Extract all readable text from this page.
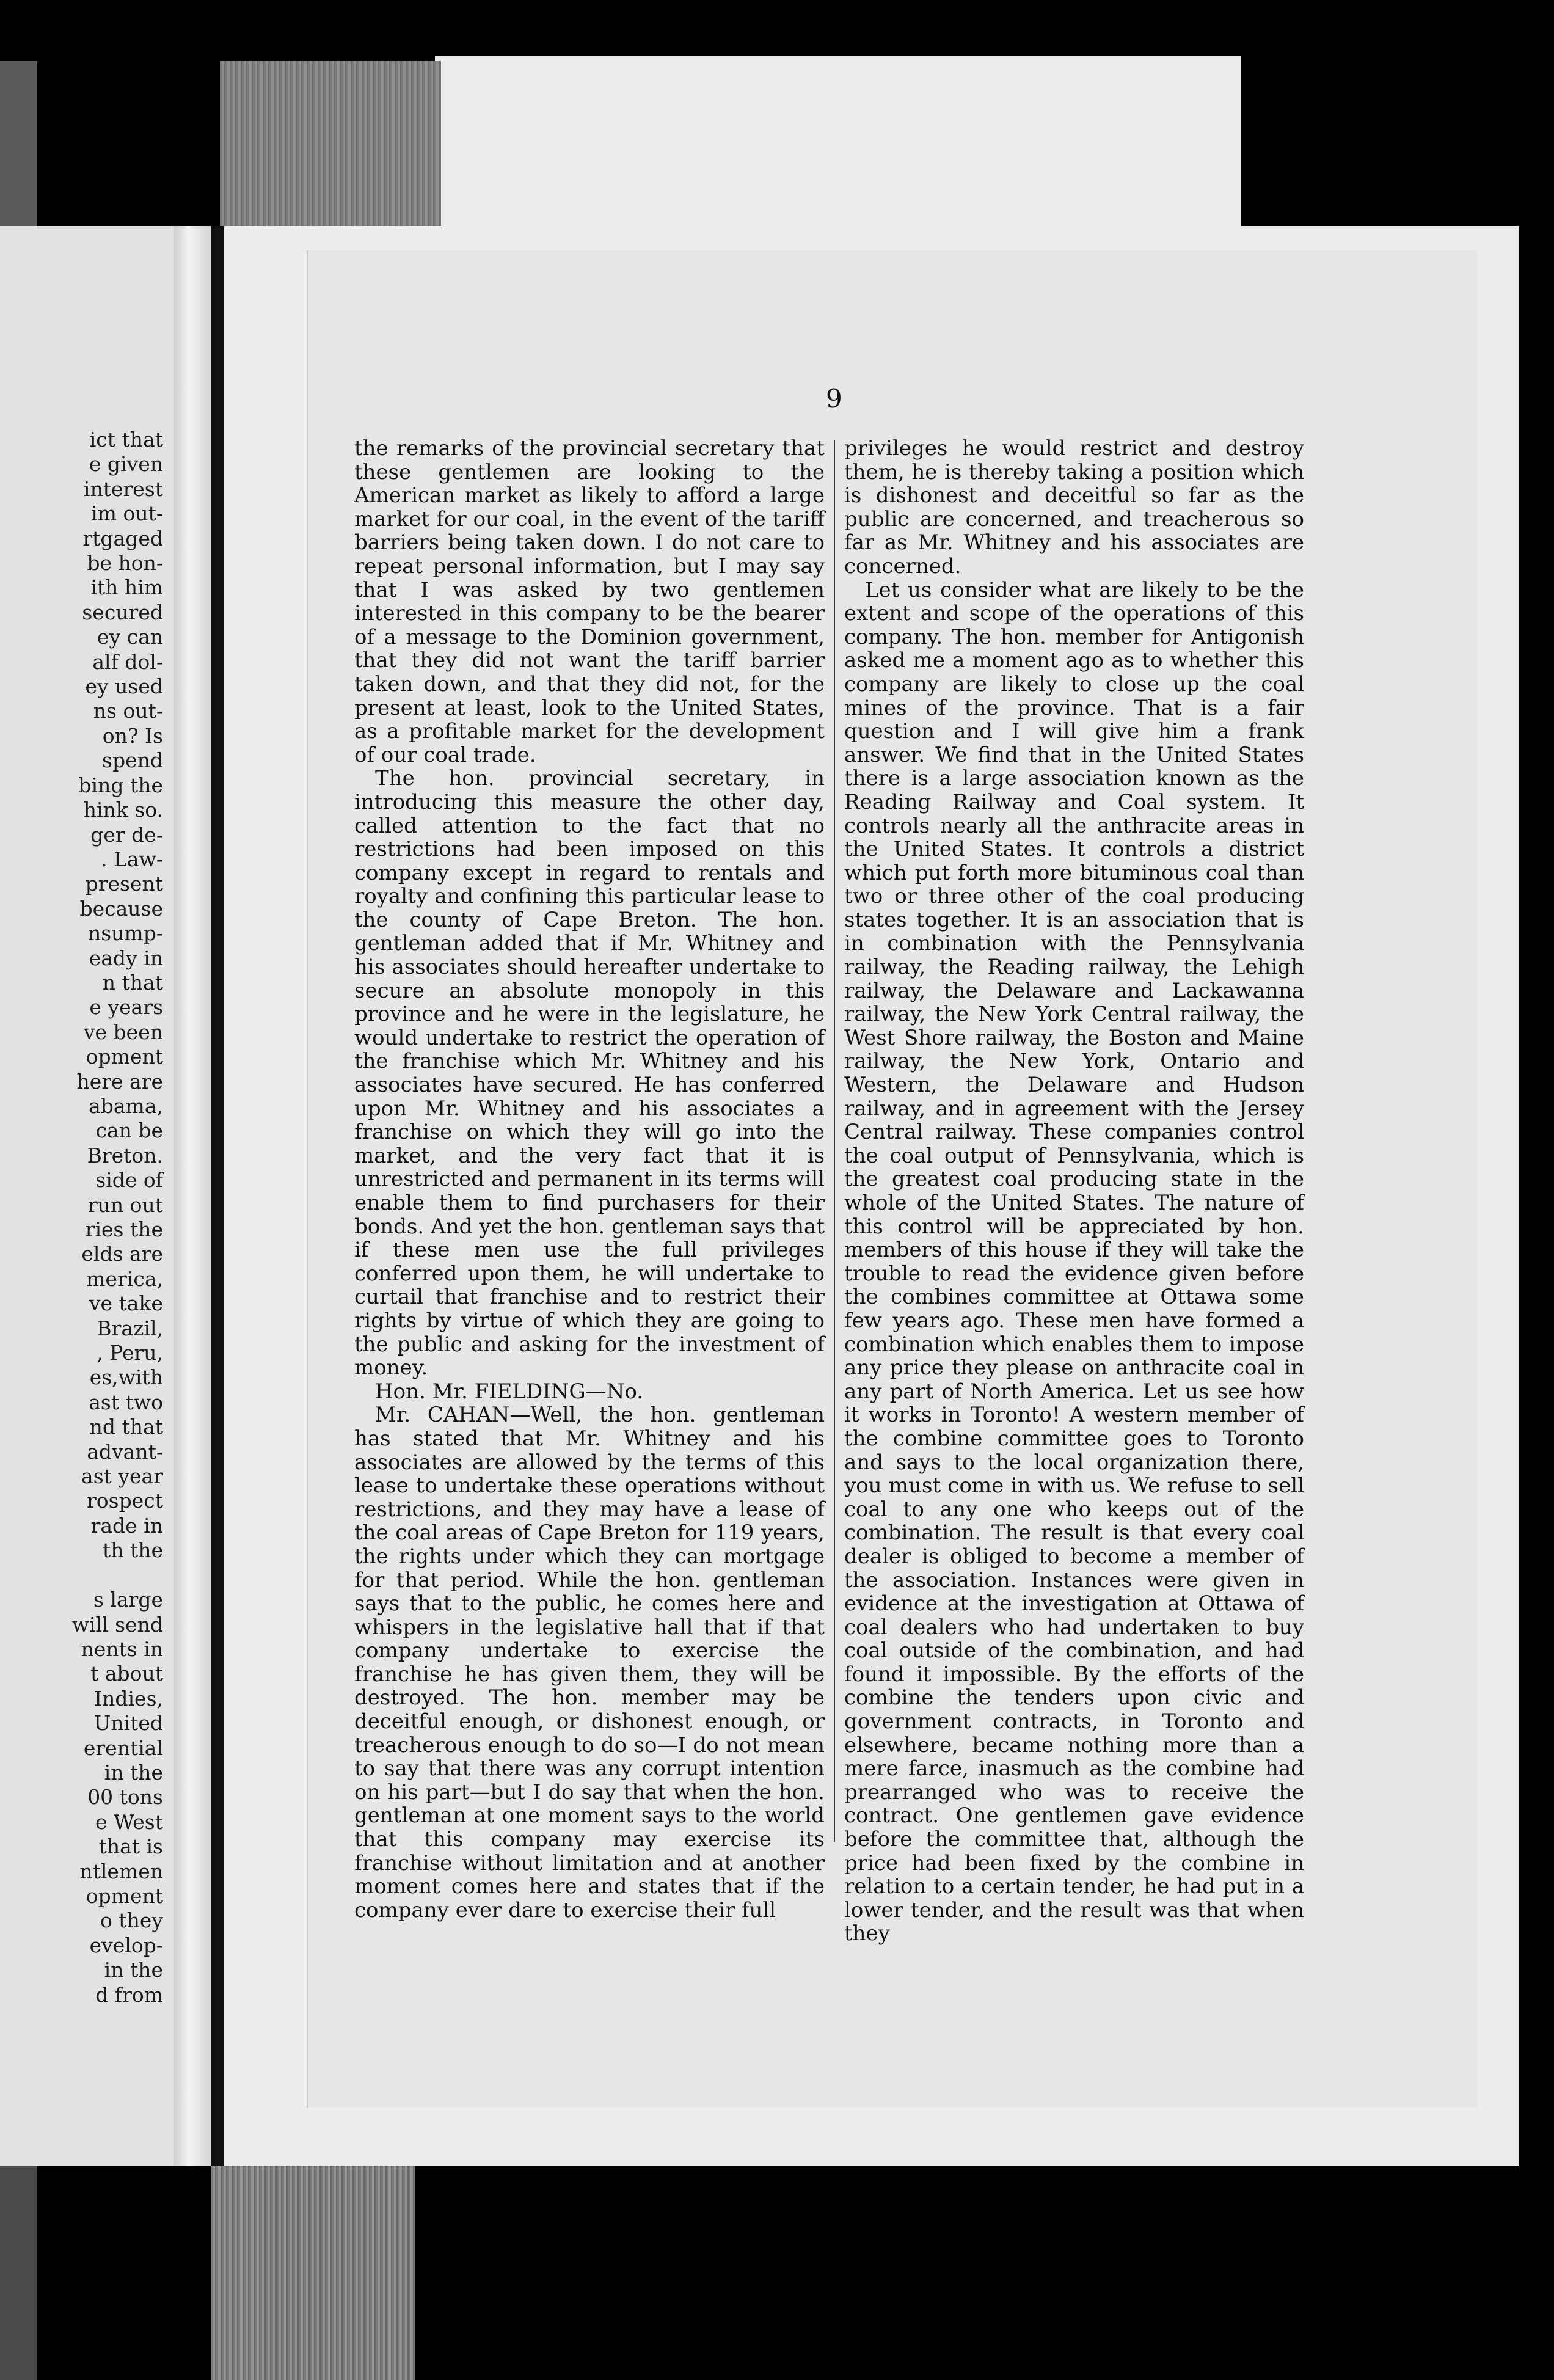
ict that
e given
interest
im out-
rtgaged
be hon-
ith him
secured
ey can
alf dol-
ey used
ns out-
on? Is
spend
bing the
hink so.
ger de-
. Law-
present
because
nsump-
eady in
n that
e years
ve been
opment
here are
abama,
can be
Breton.
side of
run out
ries the
elds are
merica,
ve take
Brazil,
, Peru,
es,with
ast two
nd that
advant-
ast year
rospect
rade in
th the

s large
will send
nents in
t about
Indies,
United
erential
in the
00 tons
e West
that is
ntlemen
opment
o they
evelop-
in the
d from
9

the remarks of the provincial secretary that these gentlemen are looking to the American market as likely to afford a large market for our coal, in the event of the tariff barriers being taken down. I do not care to repeat personal information, but I may say that I was asked by two gentlemen interested in this company to be the bearer of a message to the Dominion government, that they did not want the tariff barrier taken down, and that they did not, for the present at least, look to the United States, as a profitable market for the development of our coal trade.

The hon. provincial secretary, in introducing this measure the other day, called attention to the fact that no restrictions had been imposed on this company except in regard to rentals and royalty and confining this particular lease to the county of Cape Breton. The hon. gentleman added that if Mr. Whitney and his associates should hereafter undertake to secure an absolute monopoly in this province and he were in the legislature, he would undertake to restrict the operation of the franchise which Mr. Whitney and his associates have secured. He has conferred upon Mr. Whitney and his associates a franchise on which they will go into the market, and the very fact that it is unrestricted and permanent in its terms will enable them to find purchasers for their bonds. And yet the hon. gentleman says that if these men use the full privileges conferred upon them, he will undertake to curtail that franchise and to restrict their rights by virtue of which they are going to the public and asking for the investment of money.

Hon. Mr. FIELDING—No.

Mr. CAHAN—Well, the hon. gentleman has stated that Mr. Whitney and his associates are allowed by the terms of this lease to undertake these operations without restrictions, and they may have a lease of the coal areas of Cape Breton for 119 years, the rights under which they can mortgage for that period. While the hon. gentleman says that to the public, he comes here and whispers in the legislative hall that if that company undertake to exercise the franchise he has given them, they will be destroyed. The hon. member may be deceitful enough, or dishonest enough, or treacherous enough to do so—I do not mean to say that there was any corrupt intention on his part—but I do say that when the hon. gentleman at one moment says to the world that this company may exercise its franchise without limitation and at another moment comes here and states that if the company ever dare to exercise their full

privileges he would restrict and destroy them, he is thereby taking a position which is dishonest and deceitful so far as the public are concerned, and treacherous so far as Mr. Whitney and his associates are concerned.

Let us consider what are likely to be the extent and scope of the operations of this company. The hon. member for Antigonish asked me a moment ago as to whether this company are likely to close up the coal mines of the province. That is a fair question and I will give him a frank answer. We find that in the United States there is a large association known as the Reading Railway and Coal system. It controls nearly all the anthracite areas in the United States. It controls a district which put forth more bituminous coal than two or three other of the coal producing states together. It is an association that is in combination with the Pennsylvania railway, the Reading railway, the Lehigh railway, the Delaware and Lackawanna railway, the New York Central railway, the West Shore railway, the Boston and Maine railway, the New York, Ontario and Western, the Delaware and Hudson railway, and in agreement with the Jersey Central railway. These companies control the coal output of Pennsylvania, which is the greatest coal producing state in the whole of the United States. The nature of this control will be appreciated by hon. members of this house if they will take the trouble to read the evidence given before the combines committee at Ottawa some few years ago. These men have formed a combination which enables them to impose any price they please on anthracite coal in any part of North America. Let us see how it works in Toronto! A western member of the combine committee goes to Toronto and says to the local organization there, you must come in with us. We refuse to sell coal to any one who keeps out of the combination. The result is that every coal dealer is obliged to become a member of the association. Instances were given in evidence at the investigation at Ottawa of coal dealers who had undertaken to buy coal outside of the combination, and had found it impossible. By the efforts of the combine the tenders upon civic and government contracts, in Toronto and elsewhere, became nothing more than a mere farce, inasmuch as the combine had prearranged who was to receive the contract. One gentlemen gave evidence before the committee that, although the price had been fixed by the combine in relation to a certain tender, he had put in a lower tender, and the result was that when they
